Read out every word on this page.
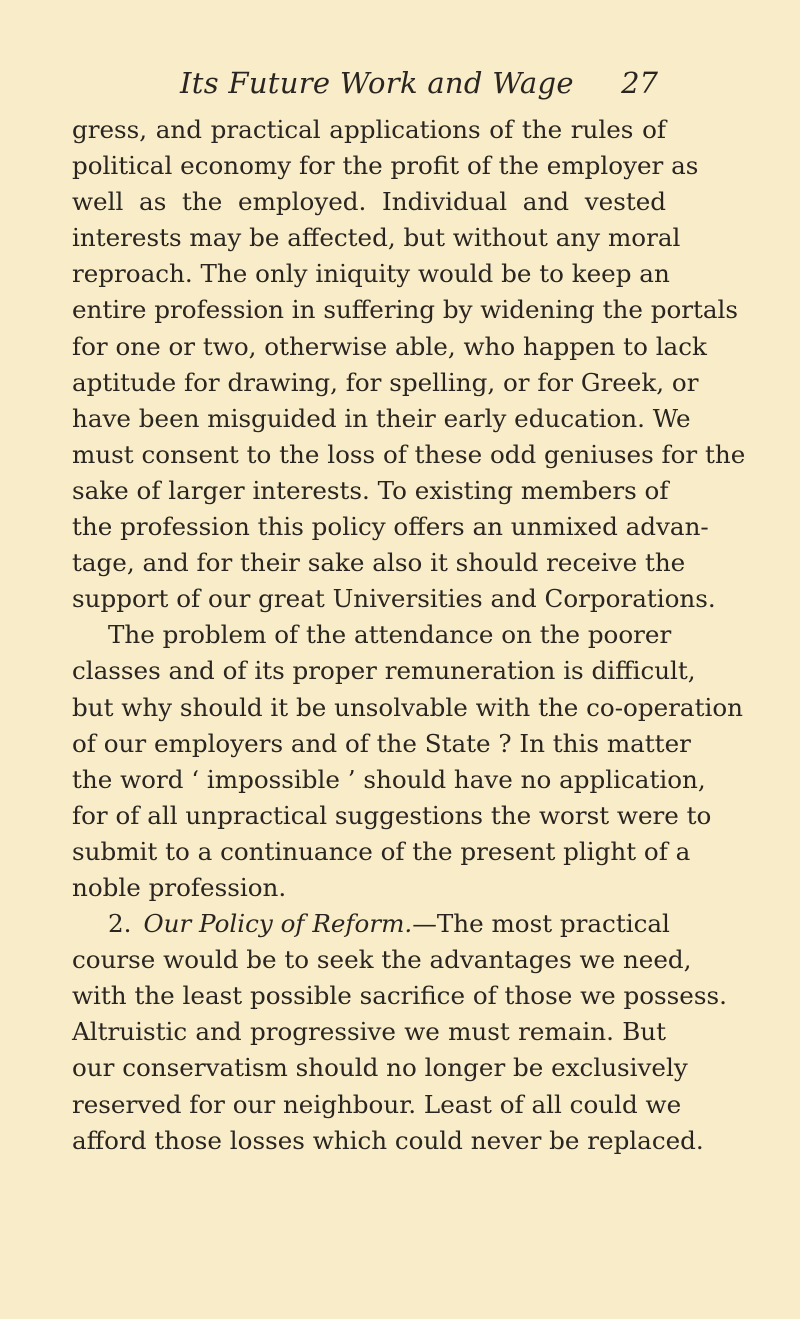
Its Future Work and Wage 27
gress, and practical applications of the rules of
political economy for the profit of the employer as
well as the employed. Individual and vested
interests may be affected, but without any moral
reproach. The only iniquity would be to keep an
entire profession in suffering by widening the portals
for one or two, otherwise able, who happen to lack
aptitude for drawing, for spelling, or for Greek, or
have been misguided in their early education. We
must consent to the loss of these odd geniuses for the
sake of larger interests. To existing members of
the profession this policy offers an unmixed advan-
tage, and for their sake also it should receive the
support of our great Universities and Corporations.
The problem of the attendance on the poorer
classes and of its proper remuneration is difficult,
but why should it be unsolvable with the co-operation
of our employers and of the State ? In this matter
the word ‘ impossible ’ should have no application,
for of all unpractical suggestions the worst were to
submit to a continuance of the present plight of a
noble profession.
2. Our Policy of Reform.—The most practical
course would be to seek the advantages we need,
with the least possible sacrifice of those we possess.
Altruistic and progressive we must remain. But
our conservatism should no longer be exclusively
reserved for our neighbour. Least of all could we
afford those losses which could never be replaced.
